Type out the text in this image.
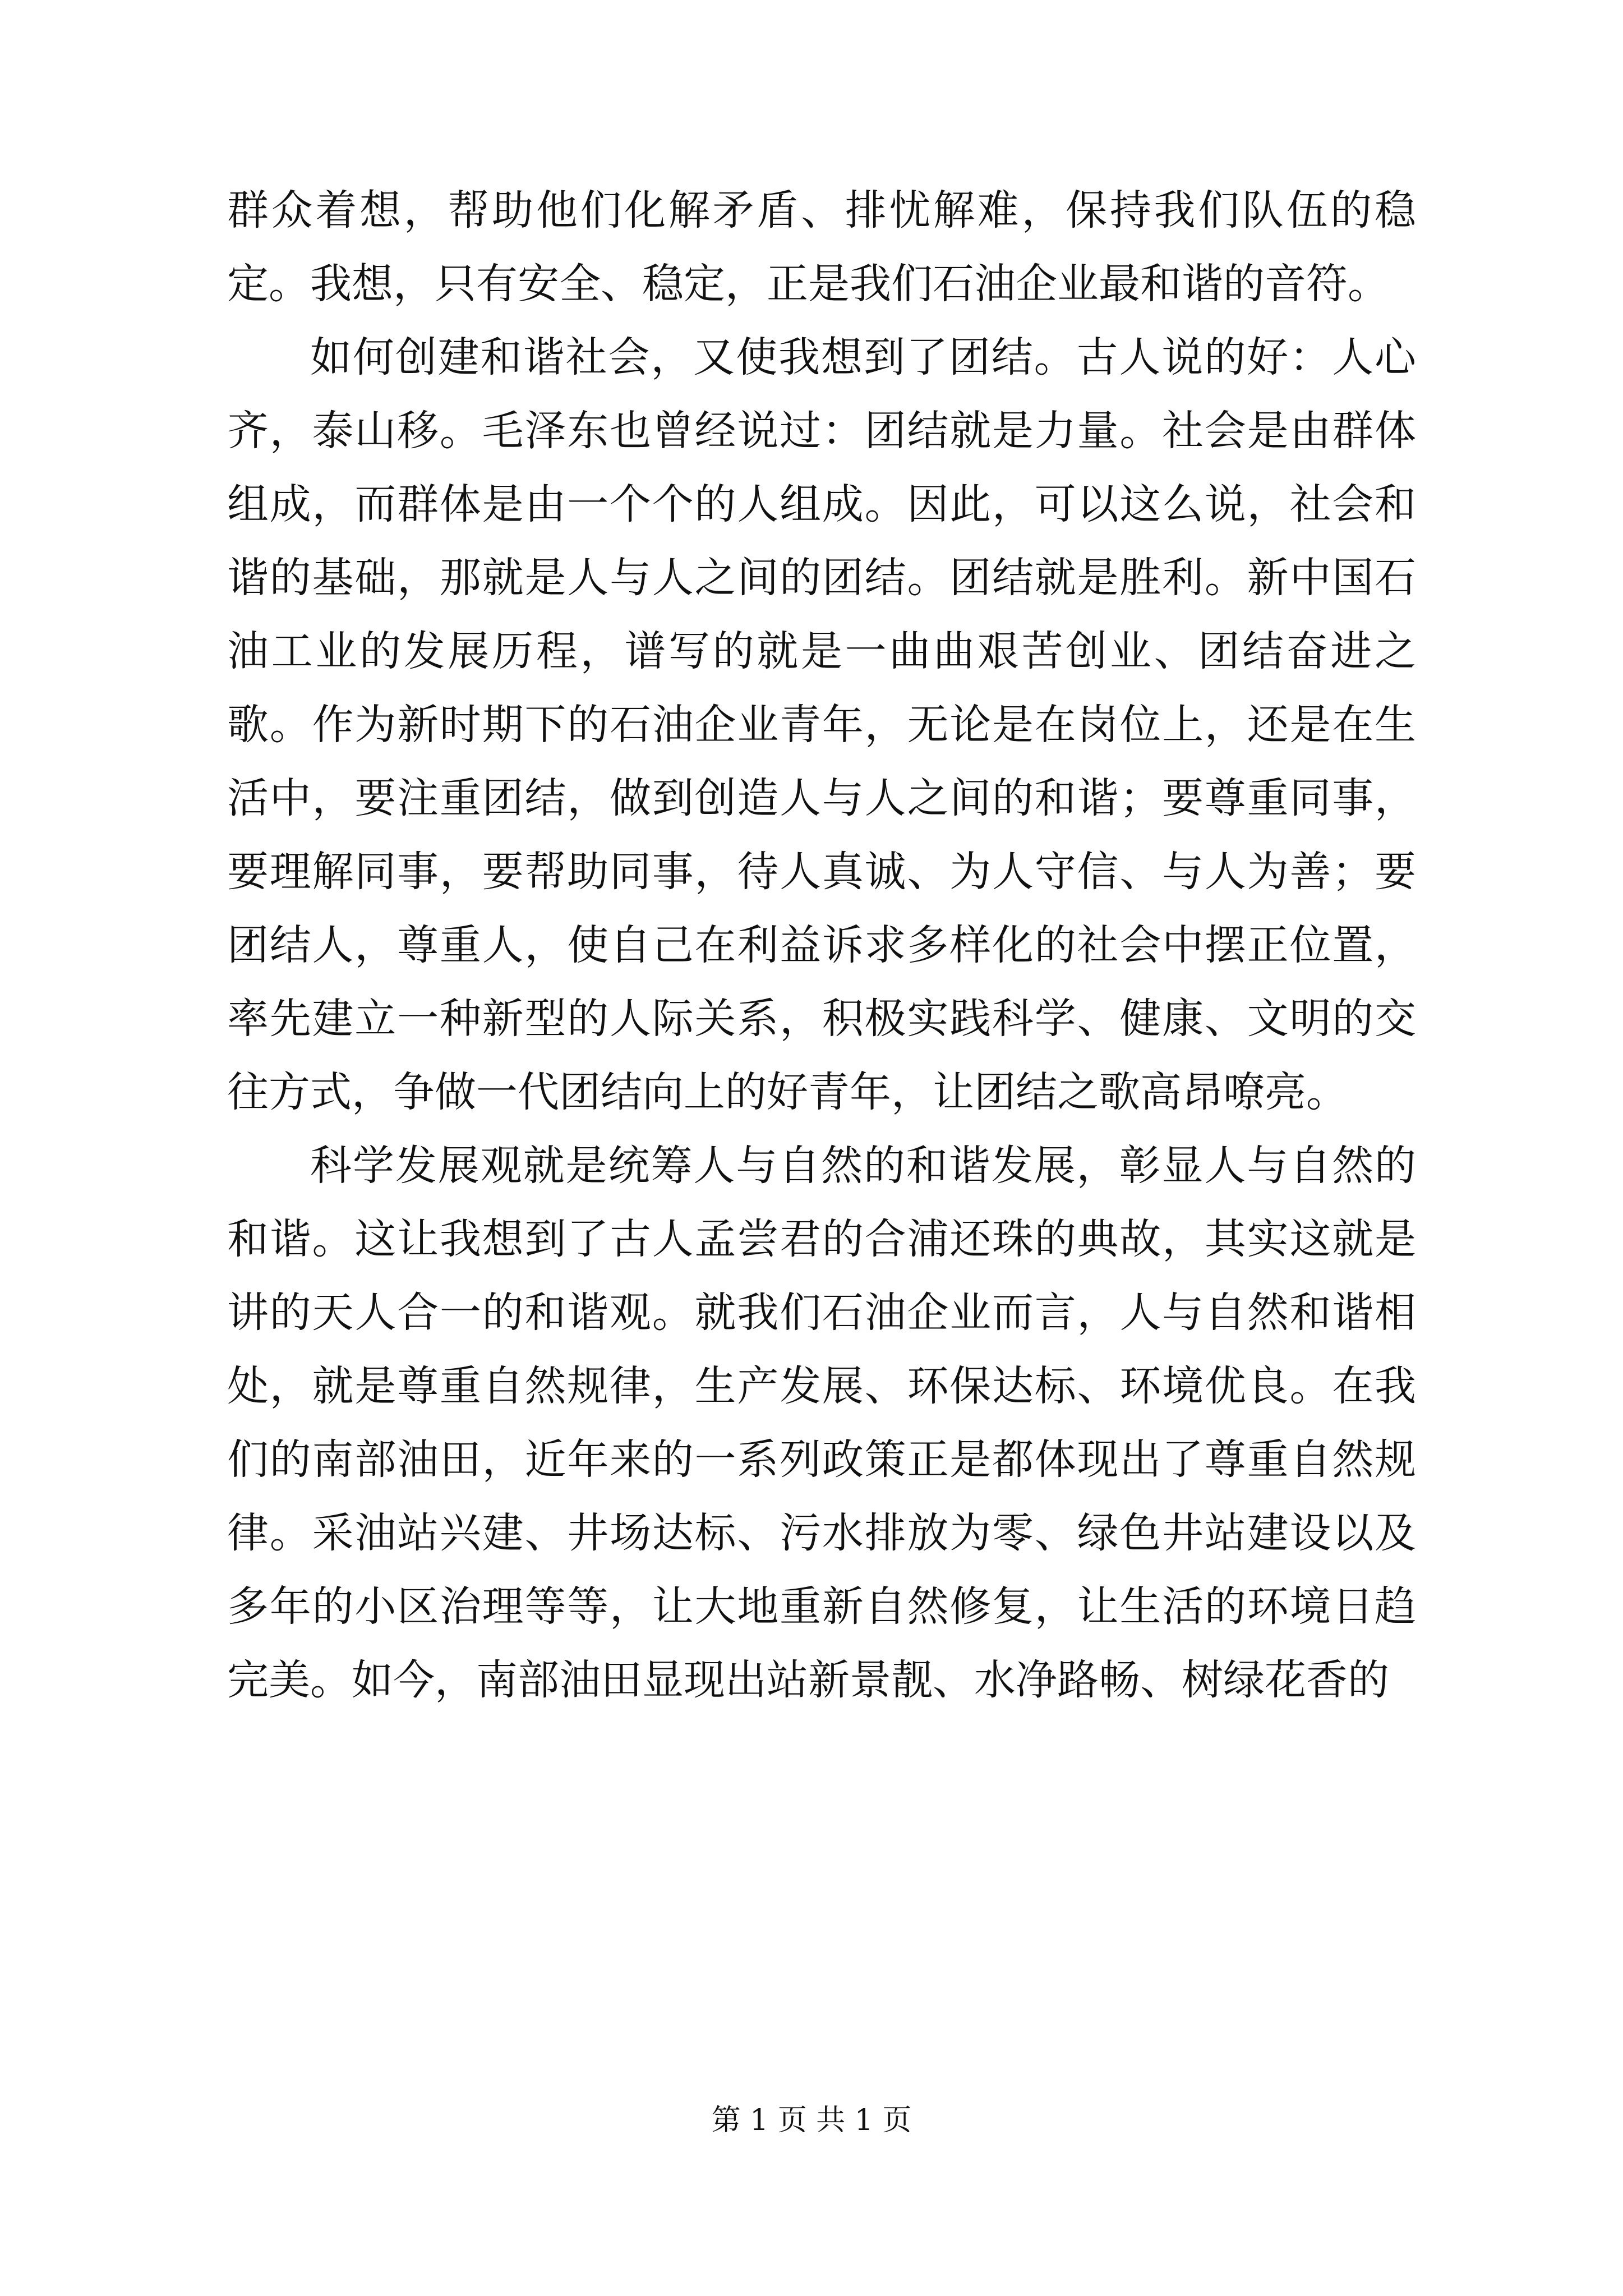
群众着想，帮助他们化解矛盾、排忧解难，保持我们队伍的稳定。我想，只有安全、稳定，正是我们石油企业最和谐的音符。

如何创建和谐社会，又使我想到了团结。古人说的好：人心齐，泰山移。毛泽东也曾经说过：团结就是力量。社会是由群体组成，而群体是由一个个的人组成。因此，可以这么说，社会和谐的基础，那就是人与人之间的团结。团结就是胜利。新中国石油工业的发展历程，谱写的就是一曲曲艰苦创业、团结奋进之歌。作为新时期下的石油企业青年，无论是在岗位上，还是在生活中，要注重团结，做到创造人与人之间的和谐；要尊重同事，要理解同事，要帮助同事，待人真诚、为人守信、与人为善；要团结人，尊重人，使自己在利益诉求多样化的社会中摆正位置，率先建立一种新型的人际关系，积极实践科学、健康、文明的交往方式，争做一代团结向上的好青年，让团结之歌高昂嘹亮。

科学发展观就是统筹人与自然的和谐发展，彰显人与自然的和谐。这让我想到了古人孟尝君的合浦还珠的典故，其实这就是讲的天人合一的和谐观。就我们石油企业而言，人与自然和谐相处，就是尊重自然规律，生产发展、环保达标、环境优良。在我们的南部油田，近年来的一系列政策正是都体现出了尊重自然规律。采油站兴建、井场达标、污水排放为零、绿色井站建设以及多年的小区治理等等，让大地重新自然修复，让生活的环境日趋完美。如今，南部油田显现出站新景靓、水净路畅、树绿花香的

第 1 页 共 1 页
